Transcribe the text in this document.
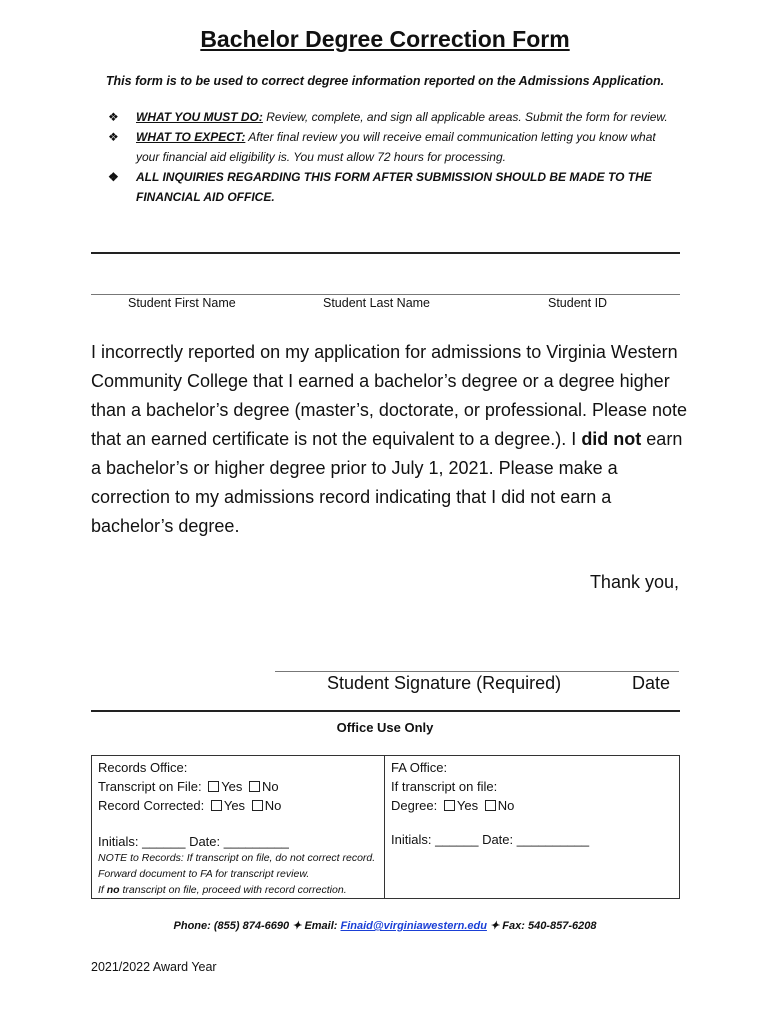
Bachelor Degree Correction Form
This form is to be used to correct degree information reported on the Admissions Application.
❖ WHAT YOU MUST DO: Review, complete, and sign all applicable areas. Submit the form for review.
❖ WHAT TO EXPECT: After final review you will receive email communication letting you know what your financial aid eligibility is. You must allow 72 hours for processing.
❖ ALL INQUIRIES REGARDING THIS FORM AFTER SUBMISSION SHOULD BE MADE TO THE FINANCIAL AID OFFICE.
Student First Name	Student Last Name	Student ID
I incorrectly reported on my application for admissions to Virginia Western Community College that I earned a bachelor’s degree or a degree higher than a bachelor’s degree (master’s, doctorate, or professional. Please note that an earned certificate is not the equivalent to a degree.). I did not earn a bachelor’s or higher degree prior to July 1, 2021. Please make a correction to my admissions record indicating that I did not earn a bachelor’s degree.
Thank you,
Student Signature (Required)	Date
Office Use Only
Records Office:
Transcript on File: Yes No
Record Corrected: Yes No
Initials: ______ Date: _________
NOTE to Records: If transcript on file, do not correct record. Forward document to FA for transcript review.
If no transcript on file, proceed with record correction.
FA Office:
If transcript on file:
Degree: Yes No
Initials: ______ Date: __________
Phone: (855) 874-6690 ✦ Email: Finaid@virginiawestern.edu ✦ Fax: 540-857-6208
2021/2022 Award Year
